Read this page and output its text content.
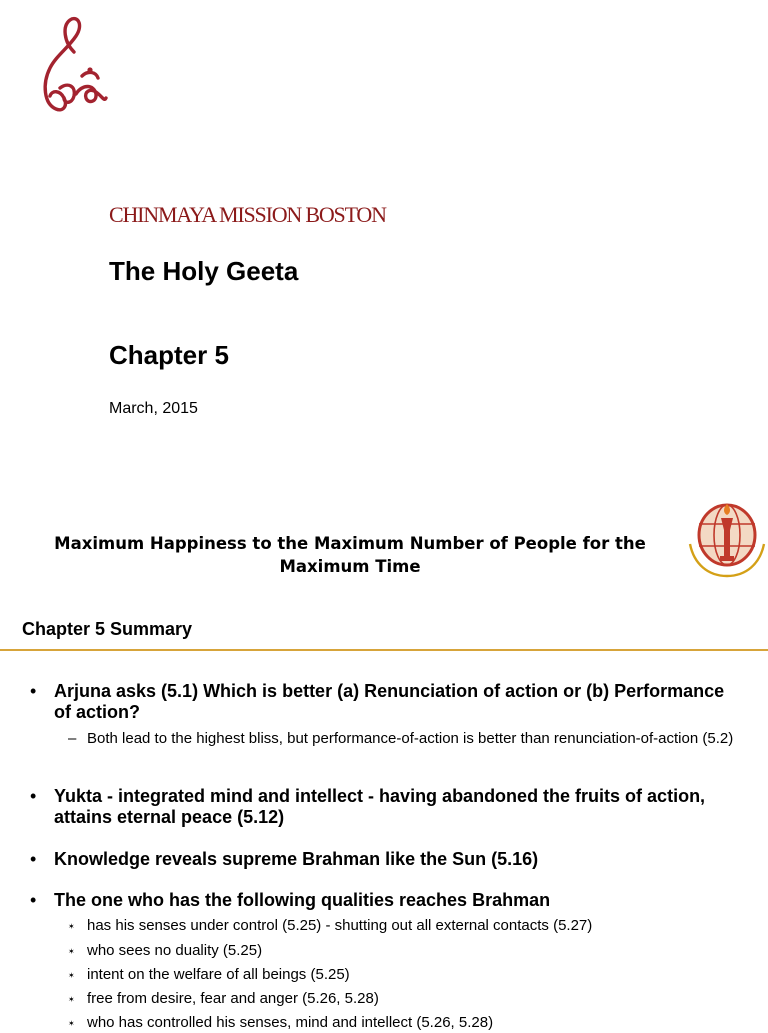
CHINMAYA MISSION BOSTON
The Holy Geeta
Chapter 5
March, 2015
Maximum Happiness to the Maximum Number of People for the Maximum Time
Chapter 5 Summary
• Arjuna asks (5.1) Which is better (a) Renunciation of action or (b) Performance of action?
– Both lead to the highest bliss, but performance-of-action is better than renunciation-of-action (5.2)
• Yukta - integrated mind and intellect - having abandoned the fruits of action, attains eternal peace (5.12)
• Knowledge reveals supreme Brahman like the Sun (5.16)
• The one who has the following qualities reaches Brahman
✶ has his senses under control (5.25) - shutting out all external contacts (5.27)
✶ who sees no duality (5.25)
✶ intent on the welfare of all beings (5.25)
✶ free from desire, fear and anger (5.26, 5.28)
✶ who has controlled his senses, mind and intellect (5.26, 5.28)
